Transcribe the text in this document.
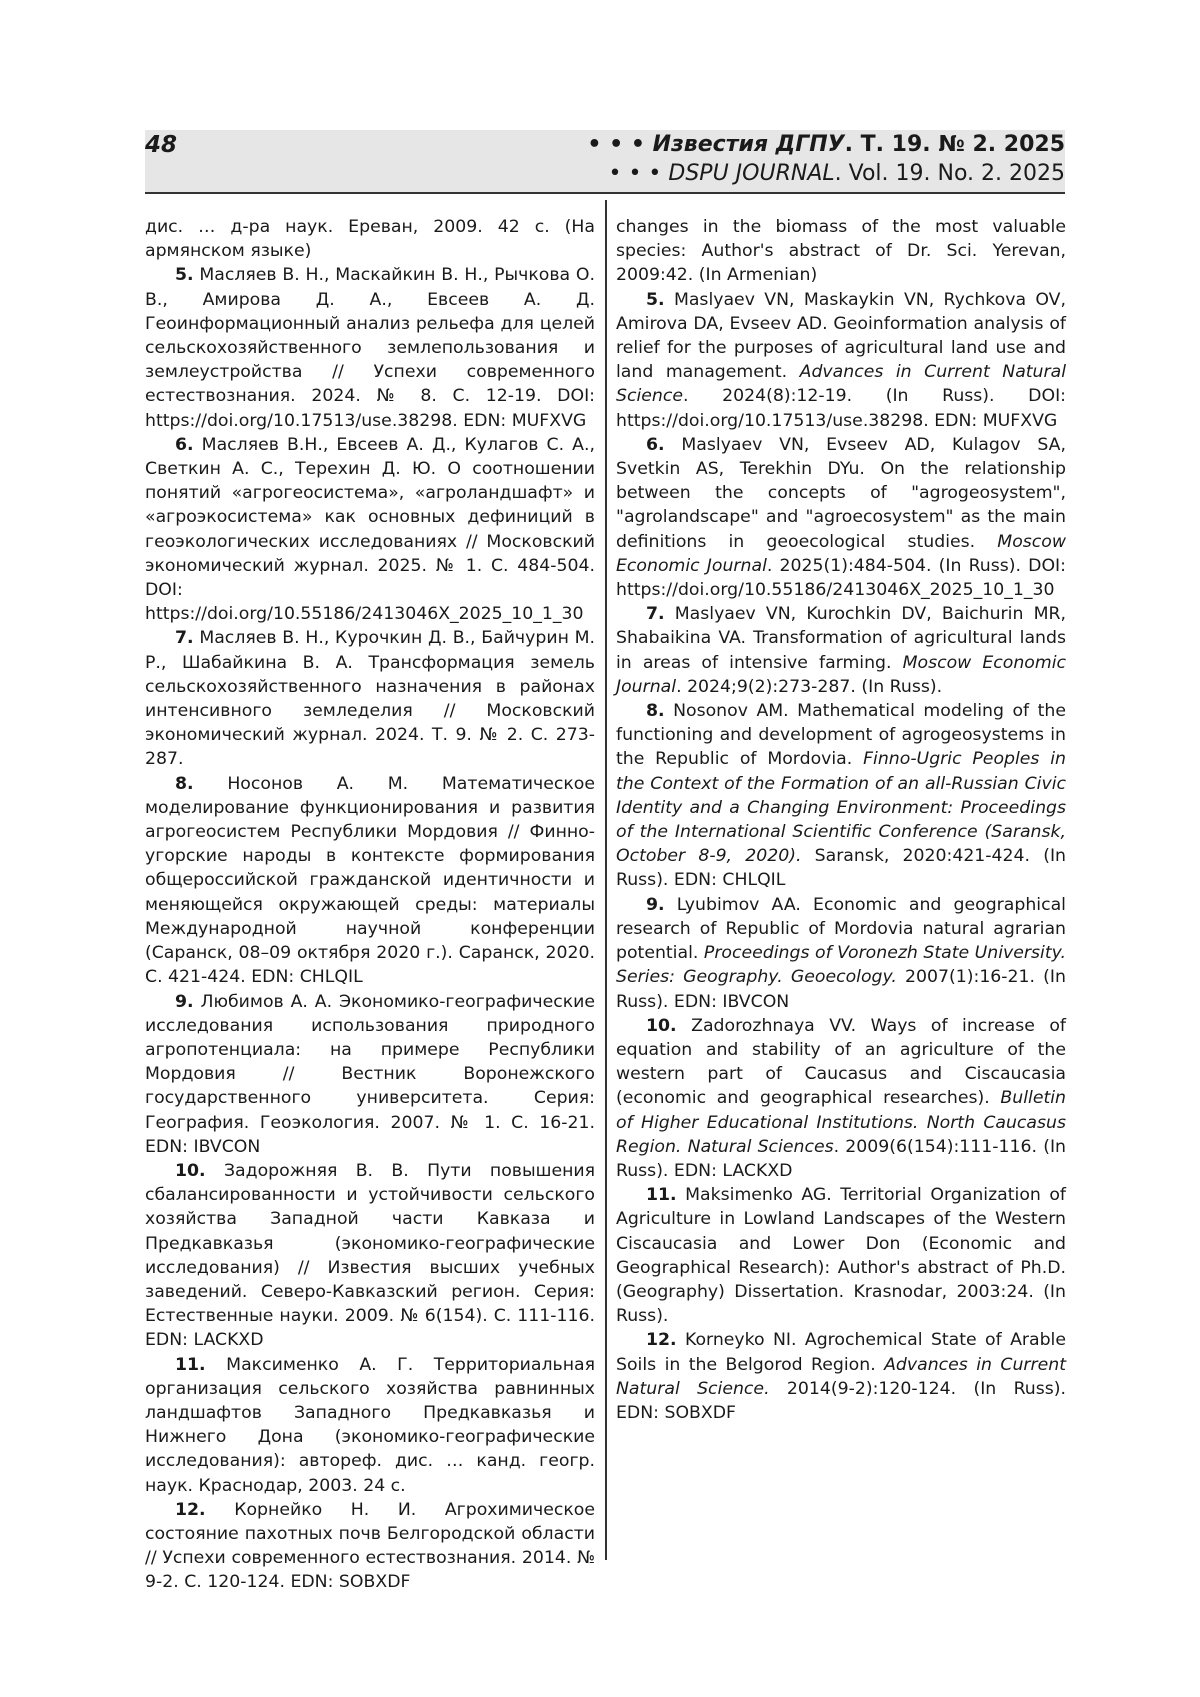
48	• • • Известия ДГПУ. Т. 19. № 2. 2025
• • • DSPU JOURNAL. Vol. 19. No. 2. 2025

дис. … д-ра наук. Ереван, 2009. 42 с. (На армянском языке)

5. Масляев В. Н., Маскайкин В. Н., Рычкова О. В., Амирова Д. А., Евсеев А. Д. Геоинформационный анализ рельефа для целей сельскохозяйственного землепользования и землеустройства // Успехи современного естествознания. 2024. № 8. С. 12-19. DOI: https://doi.org/10.17513/use.38298. EDN: MUFXVG

6. Масляев В.Н., Евсеев А. Д., Кулагов С. А., Светкин А. С., Терехин Д. Ю. О соотношении понятий «агрогеосистема», «агроландшафт» и «агроэкосистема» как основных дефиниций в геоэкологических исследованиях // Московский экономический журнал. 2025. № 1. С. 484-504. DOI: https://doi.org/10.55186/2413046X_2025_10_1_30

7. Масляев В. Н., Курочкин Д. В., Байчурин М. Р., Шабайкина В. А. Трансформация земель сельскохозяйственного назначения в районах интенсивного земледелия // Московский экономический журнал. 2024. Т. 9. № 2. С. 273-287.

8. Носонов А. М. Математическое моделирование функционирования и развития агрогеосистем Республики Мордовия // Финно-угорские народы в контексте формирования общероссийской гражданской идентичности и меняющейся окружающей среды: материалы Международной научной конференции (Саранск, 08–09 октября 2020 г.). Саранск, 2020. С. 421-424. EDN: CHLQIL

9. Любимов А. А. Экономико-географические исследования использования природного агропотенциала: на примере Республики Мордовия // Вестник Воронежского государственного университета. Серия: География. Геоэкология. 2007. № 1. С. 16-21. EDN: IBVCON

10. Задорожняя В. В. Пути повышения сбалансированности и устойчивости сельского хозяйства Западной части Кавказа и Предкавказья (экономико-географические исследования) // Известия высших учебных заведений. Северо-Кавказский регион. Серия: Естественные науки. 2009. № 6(154). С. 111-116. EDN: LACKXD

11. Максименко А. Г. Территориальная организация сельского хозяйства равнинных ландшафтов Западного Предкавказья и Нижнего Дона (экономико-географические исследования): автореф. дис. … канд. геогр. наук. Краснодар, 2003. 24 с.

12. Корнейко Н. И. Агрохимическое состояние пахотных почв Белгородской области // Успехи современного естествознания. 2014. № 9-2. С. 120-124. EDN: SOBXDF

changes in the biomass of the most valuable species: Author's abstract of Dr. Sci. Yerevan, 2009:42. (In Armenian)

5. Maslyaev VN, Maskaykin VN, Rychkova OV, Amirova DA, Evseev AD. Geoinformation analysis of relief for the purposes of agricultural land use and land management. Advances in Current Natural Science. 2024(8):12-19. (In Russ). DOI: https://doi.org/10.17513/use.38298. EDN: MUFXVG

6. Maslyaev VN, Evseev AD, Kulagov SA, Svetkin AS, Terekhin DYu. On the relationship between the concepts of "agrogeosystem", "agrolandscape" and "agroecosystem" as the main definitions in geoecological studies. Moscow Economic Journal. 2025(1):484-504. (In Russ). DOI: https://doi.org/10.55186/2413046X_2025_10_1_30

7. Maslyaev VN, Kurochkin DV, Baichurin MR, Shabaikina VA. Transformation of agricultural lands in areas of intensive farming. Moscow Economic Journal. 2024;9(2):273-287. (In Russ).

8. Nosonov AM. Mathematical modeling of the functioning and development of agrogeosystems in the Republic of Mordovia. Finno-Ugric Peoples in the Context of the Formation of an all-Russian Civic Identity and a Changing Environment: Proceedings of the International Scientific Conference (Saransk, October 8-9, 2020). Saransk, 2020:421-424. (In Russ). EDN: CHLQIL

9. Lyubimov AA. Economic and geographical research of Republic of Mordovia natural agrarian potential. Proceedings of Voronezh State University. Series: Geography. Geoecology. 2007(1):16-21. (In Russ). EDN: IBVCON

10. Zadorozhnaya VV. Ways of increase of equation and stability of an agriculture of the western part of Caucasus and Ciscaucasia (economic and geographical researches). Bulletin of Higher Educational Institutions. North Caucasus Region. Natural Sciences. 2009(6(154):111-116. (In Russ). EDN: LACKXD

11. Maksimenko AG. Territorial Organization of Agriculture in Lowland Landscapes of the Western Ciscaucasia and Lower Don (Economic and Geographical Research): Author's abstract of Ph.D. (Geography) Dissertation. Krasnodar, 2003:24. (In Russ).

12. Korneyko NI. Agrochemical State of Arable Soils in the Belgorod Region. Advances in Current Natural Science. 2014(9-2):120-124. (In Russ). EDN: SOBXDF
